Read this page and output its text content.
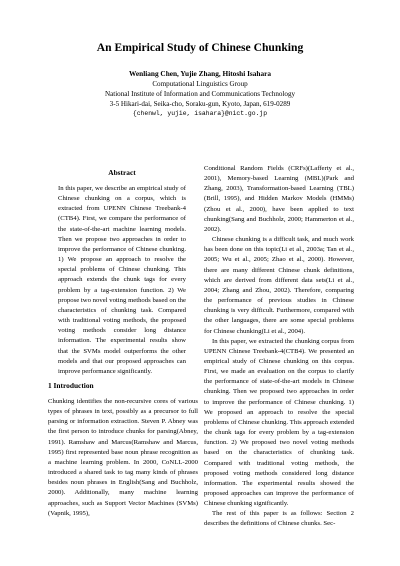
An Empirical Study of Chinese Chunking
Wenliang Chen, Yujie Zhang, Hitoshi Isahara
Computational Linguistics Group
National Institute of Information and Communications Technology
3-5 Hikari-dai, Seika-cho, Soraku-gun, Kyoto, Japan, 619-0289
{chenwl, yujie, isahara}@nict.go.jp
Abstract

In this paper, we describe an empirical study of Chinese chunking on a corpus, which is extracted from UPENN Chinese Treebank-4 (CTB4). First, we compare the performance of the state-of-the-art machine learning models. Then we propose two approaches in order to improve the performance of Chinese chunking. 1) We propose an approach to resolve the special problems of Chinese chunking. This approach extends the chunk tags for every problem by a tag-extension function. 2) We propose two novel voting methods based on the characteristics of chunking task. Compared with traditional voting methods, the proposed voting methods consider long distance information. The experimental results show that the SVMs model outperforms the other models and that our proposed approaches can improve performance significantly.

1 Introduction

Chunking identifies the non-recursive cores of various types of phrases in text, possibly as a precursor to full parsing or information extraction. Steven P. Abney was the first person to introduce chunks for parsing(Abney, 1991). Ramshaw and Marcus(Ramshaw and Marcus, 1995) first represented base noun phrase recognition as a machine learning problem. In 2000, CoNLL-2000 introduced a shared task to tag many kinds of phrases besides noun phrases in English(Sang and Buchholz, 2000). Additionally, many machine learning approaches, such as Support Vector Machines (SVMs)(Vapnik, 1995),

Conditional Random Fields (CRFs)(Lafferty et al., 2001), Memory-based Learning (MBL)(Park and Zhang, 2003), Transformation-based Learning (TBL)(Brill, 1995), and Hidden Markov Models (HMMs)(Zhou et al., 2000), have been applied to text chunking(Sang and Buchholz, 2000; Hammerton et al., 2002).

Chinese chunking is a difficult task, and much work has been done on this topic(Li et al., 2003a; Tan et al., 2005; Wu et al., 2005; Zhao et al., 2000). However, there are many different Chinese chunk definitions, which are derived from different data sets(Li et al., 2004; Zhang and Zhou, 2002). Therefore, comparing the performance of previous studies in Chinese chunking is very difficult. Furthermore, compared with the other languages, there are some special problems for Chinese chunking(Li et al., 2004).

In this paper, we extracted the chunking corpus from UPENN Chinese Treebank-4(CTB4). We presented an empirical study of Chinese chunking on this corpus. First, we made an evaluation on the corpus to clarify the performance of state-of-the-art models in Chinese chunking. Then we proposed two approaches in order to improve the performance of Chinese chunking. 1) We proposed an approach to resolve the special problems of Chinese chunking. This approach extended the chunk tags for every problem by a tag-extension function. 2) We proposed two novel voting methods based on the characteristics of chunking task. Compared with traditional voting methods, the proposed voting methods considered long distance information. The experimental results showed the proposed approaches can improve the performance of Chinese chunking significantly.

The rest of this paper is as follows: Section 2 describes the definitions of Chinese chunks. Sec-
